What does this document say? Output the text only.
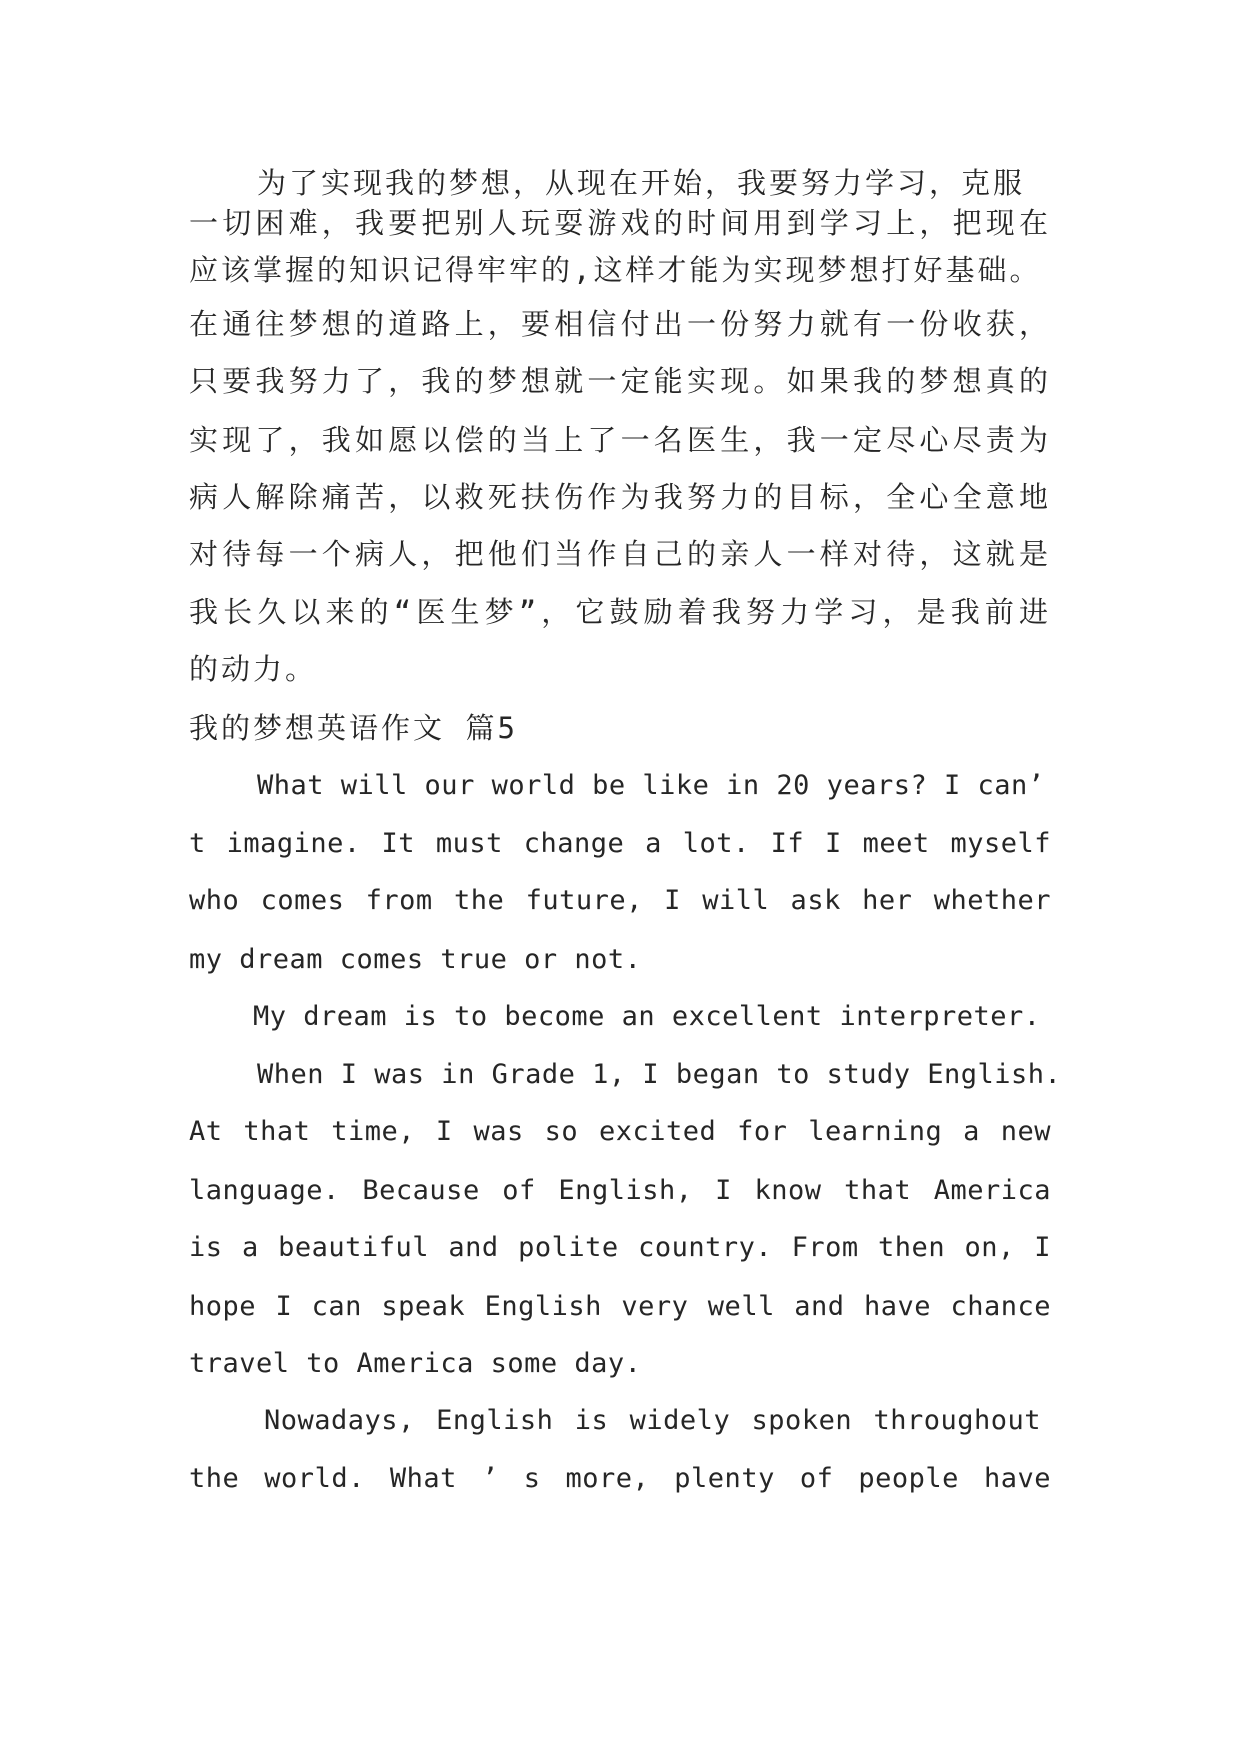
为了实现我的梦想，从现在开始，我要努力学习，克服
一切困难，我要把别人玩耍游戏的时间用到学习上，把现在
应该掌握的知识记得牢牢的,这样才能为实现梦想打好基础。
在通往梦想的道路上，要相信付出一份努力就有一份收获，
只要我努力了，我的梦想就一定能实现。如果我的梦想真的
实现了，我如愿以偿的当上了一名医生，我一定尽心尽责为
病人解除痛苦，以救死扶伤作为我努力的目标，全心全意地
对待每一个病人，把他们当作自己的亲人一样对待，这就是
我长久以来的“医生梦”，它鼓励着我努力学习，是我前进
的动力。
我的梦想英语作文 篇5
What will our world be like in 20 years? I can’
t imagine. It must change a lot. If I meet myself
who comes from the future, I will ask her whether
my dream comes true or not.
My dream is to become an excellent interpreter.
When I was in Grade 1, I began to study English.
At that time, I was so excited for learning a new
language. Because of English, I know that America
is a beautiful and polite country. From then on, I
hope I can speak English very well and have chance
travel to America some day.
Nowadays, English is widely spoken throughout
the world. What ’ s more, plenty of people have
